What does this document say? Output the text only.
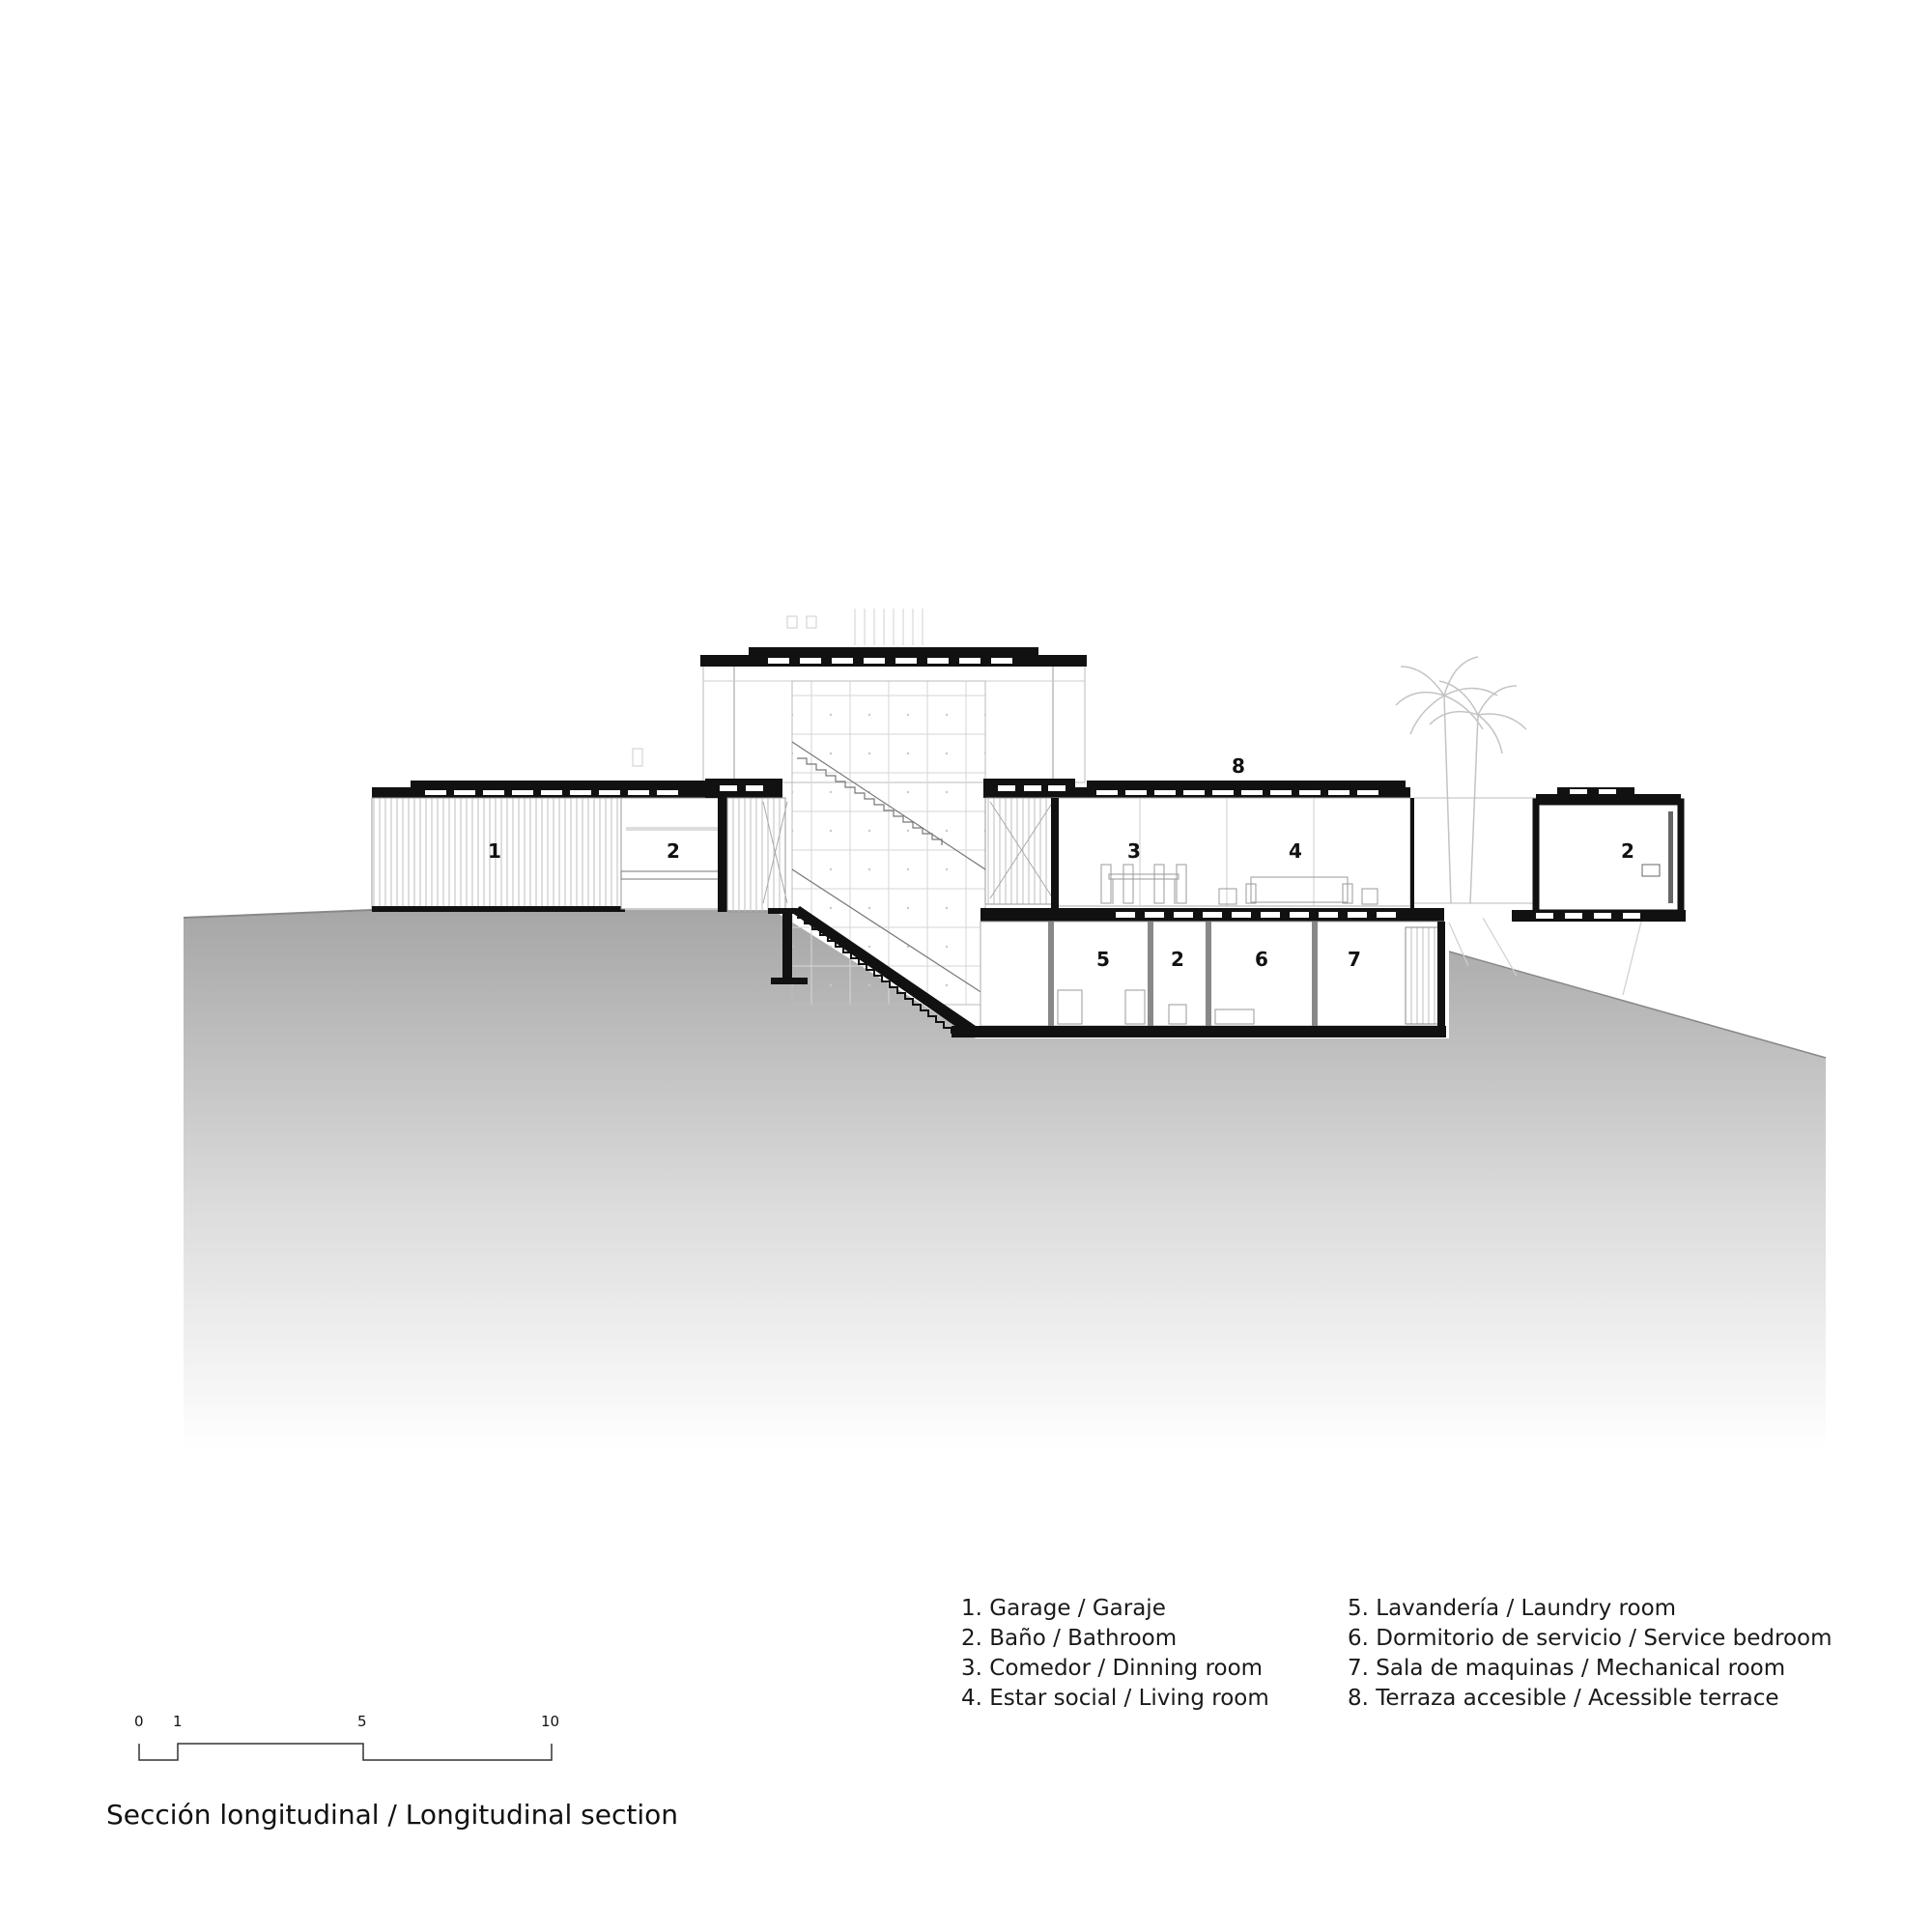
1	2	3	4
8
2
5	2	6	7
0 1	5	10
1. Garage / Garaje
2. Baño / Bathroom
3. Comedor / Dinning room
4. Estar social / Living room
5. Lavandería / Laundry room
6. Dormitorio de servicio / Service bedroom
7. Sala de maquinas / Mechanical room
8. Terraza accesible / Acessible terrace
Sección longitudinal / Longitudinal section
